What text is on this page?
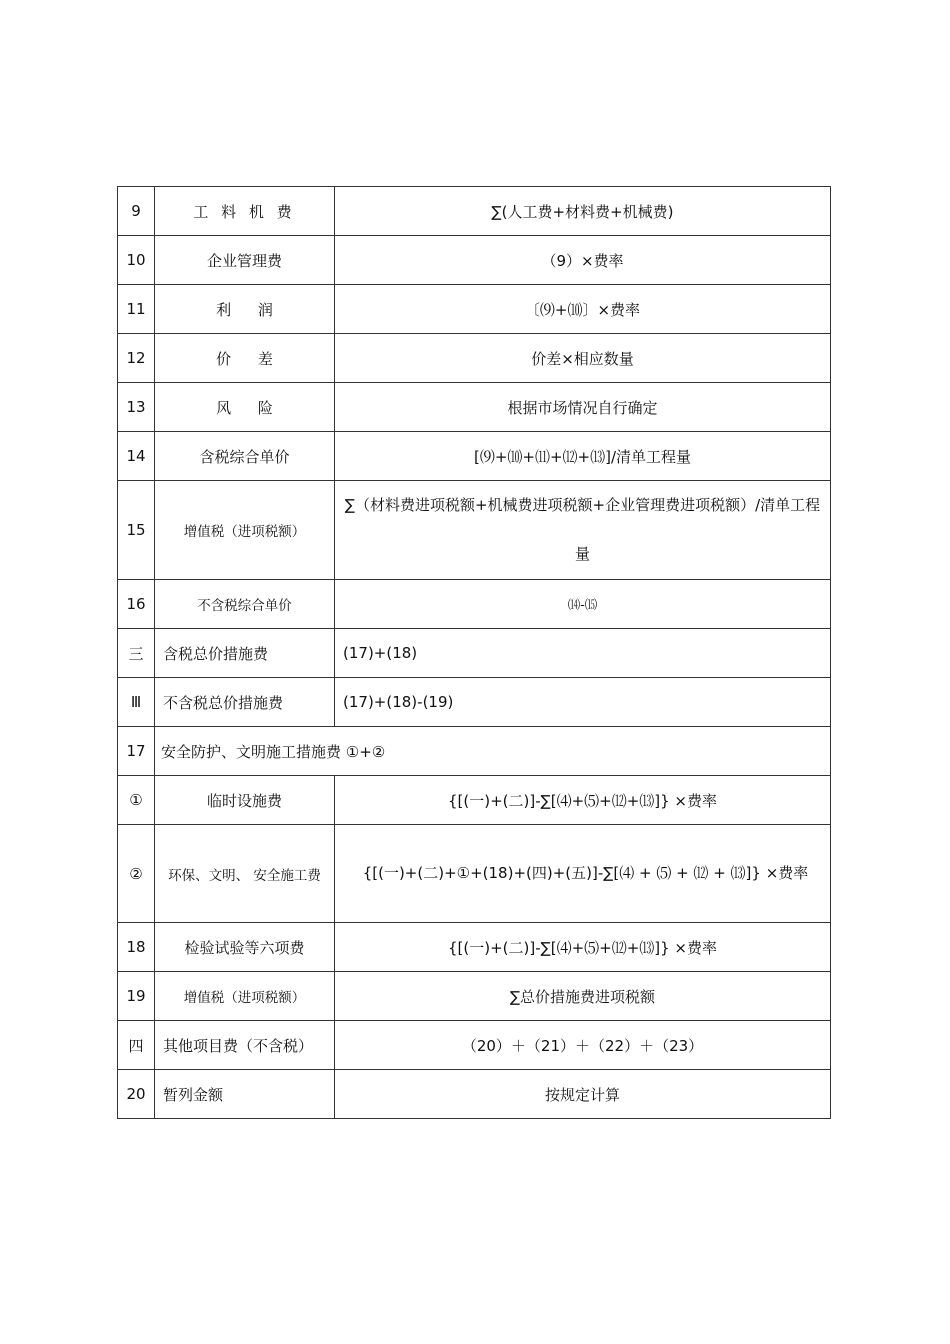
9	工 料 机 费	∑(人工费+材料费+机械费)
10	企业管理费	（9）×费率
11	利 润	〔⑼+⑽〕×费率
12	价 差	价差×相应数量
13	风 险	根据市场情况自行确定
14	含税综合单价	[⑼+⑽+⑾+⑿+⒀]/清单工程量
15	增值税（进项税额）	∑（材料费进项税额+机械费进项税额+企业管理费进项税额）/清单工程量
16	不含税综合单价	⒁-⒂
三	含税总价措施费	(17)+(18)
Ⅲ	不含税总价措施费	(17)+(18)-(19)
17	安全防护、文明施工措施费 ①+②	
①	临时设施费	{[(一)+(二)]-∑[⑷+⑸+⑿+⒀]} ×费率
②	环保、文明、 安全施工费	{[(一)+(二)+①+(18)+(四)+(五)]-∑[⑷ + ⑸ + ⑿ + ⒀]} ×费率
18	检验试验等六项费	{[(一)+(二)]-∑[⑷+⑸+⑿+⒀]} ×费率
19	增值税（进项税额）	∑总价措施费进项税额
四	其他项目费（不含税）	（20）＋（21）＋（22）＋（23）
20	暂列金额	按规定计算
